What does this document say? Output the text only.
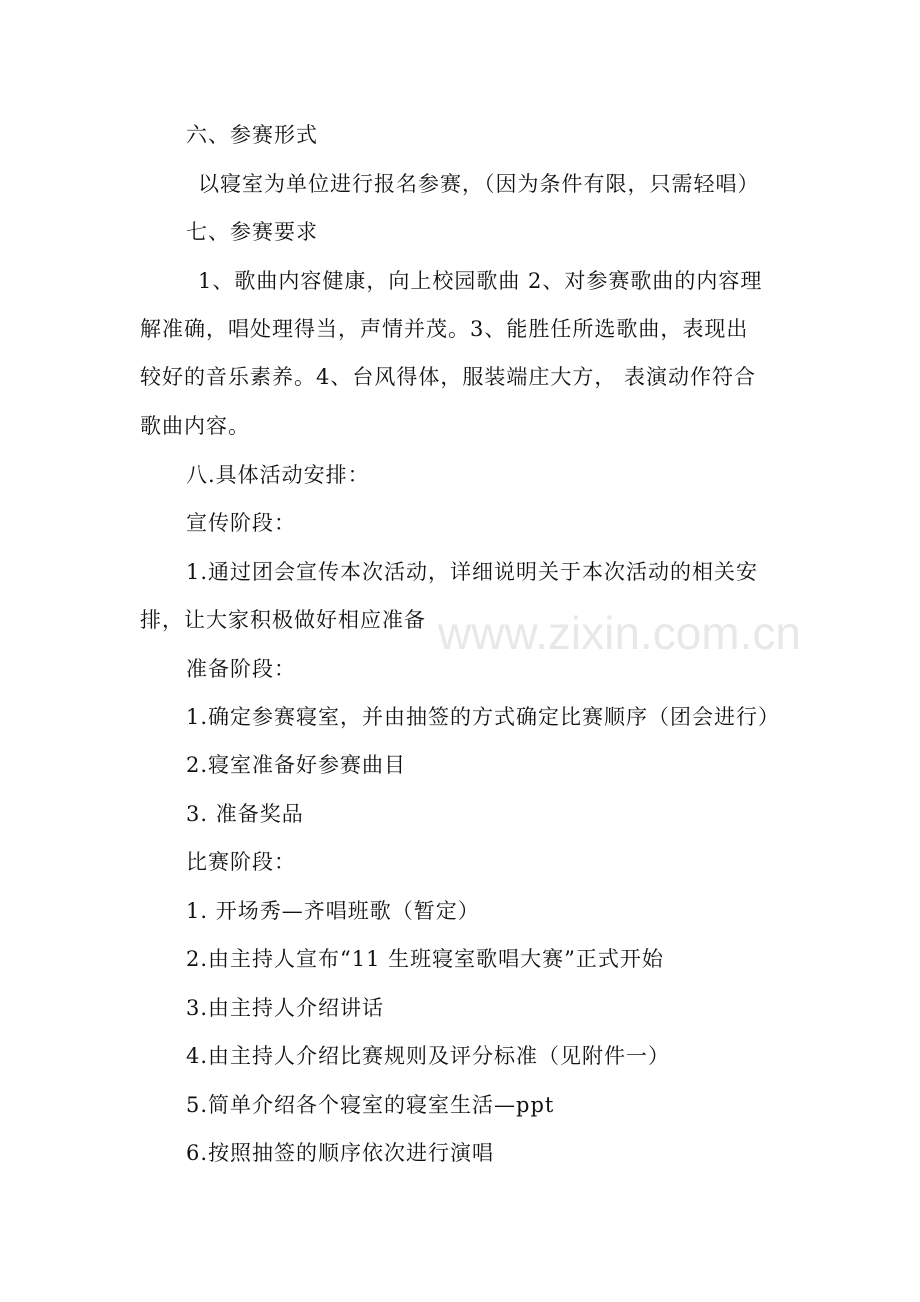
六、参赛形式
以寝室为单位进行报名参赛，（因为条件有限，只需轻唱）
七、参赛要求
1、歌曲内容健康，向上校园歌曲 2、对参赛歌曲的内容理
解准确，唱处理得当，声情并茂。3、能胜任所选歌曲，表现出
较好的音乐素养。4、台风得体，服装端庄大方， 表演动作符合
歌曲内容。
八.具体活动安排：
宣传阶段：
1.通过团会宣传本次活动，详细说明关于本次活动的相关安
排，让大家积极做好相应准备
准备阶段：
1.确定参赛寝室，并由抽签的方式确定比赛顺序（团会进行）
2.寝室准备好参赛曲目
3. 准备奖品
比赛阶段：
1. 开场秀—齐唱班歌（暂定）
2.由主持人宣布“11 生班寝室歌唱大赛”正式开始
3.由主持人介绍讲话
4.由主持人介绍比赛规则及评分标准（见附件一）
5.简单介绍各个寝室的寝室生活—ppt
6.按照抽签的顺序依次进行演唱
www.zixin.com.cn
